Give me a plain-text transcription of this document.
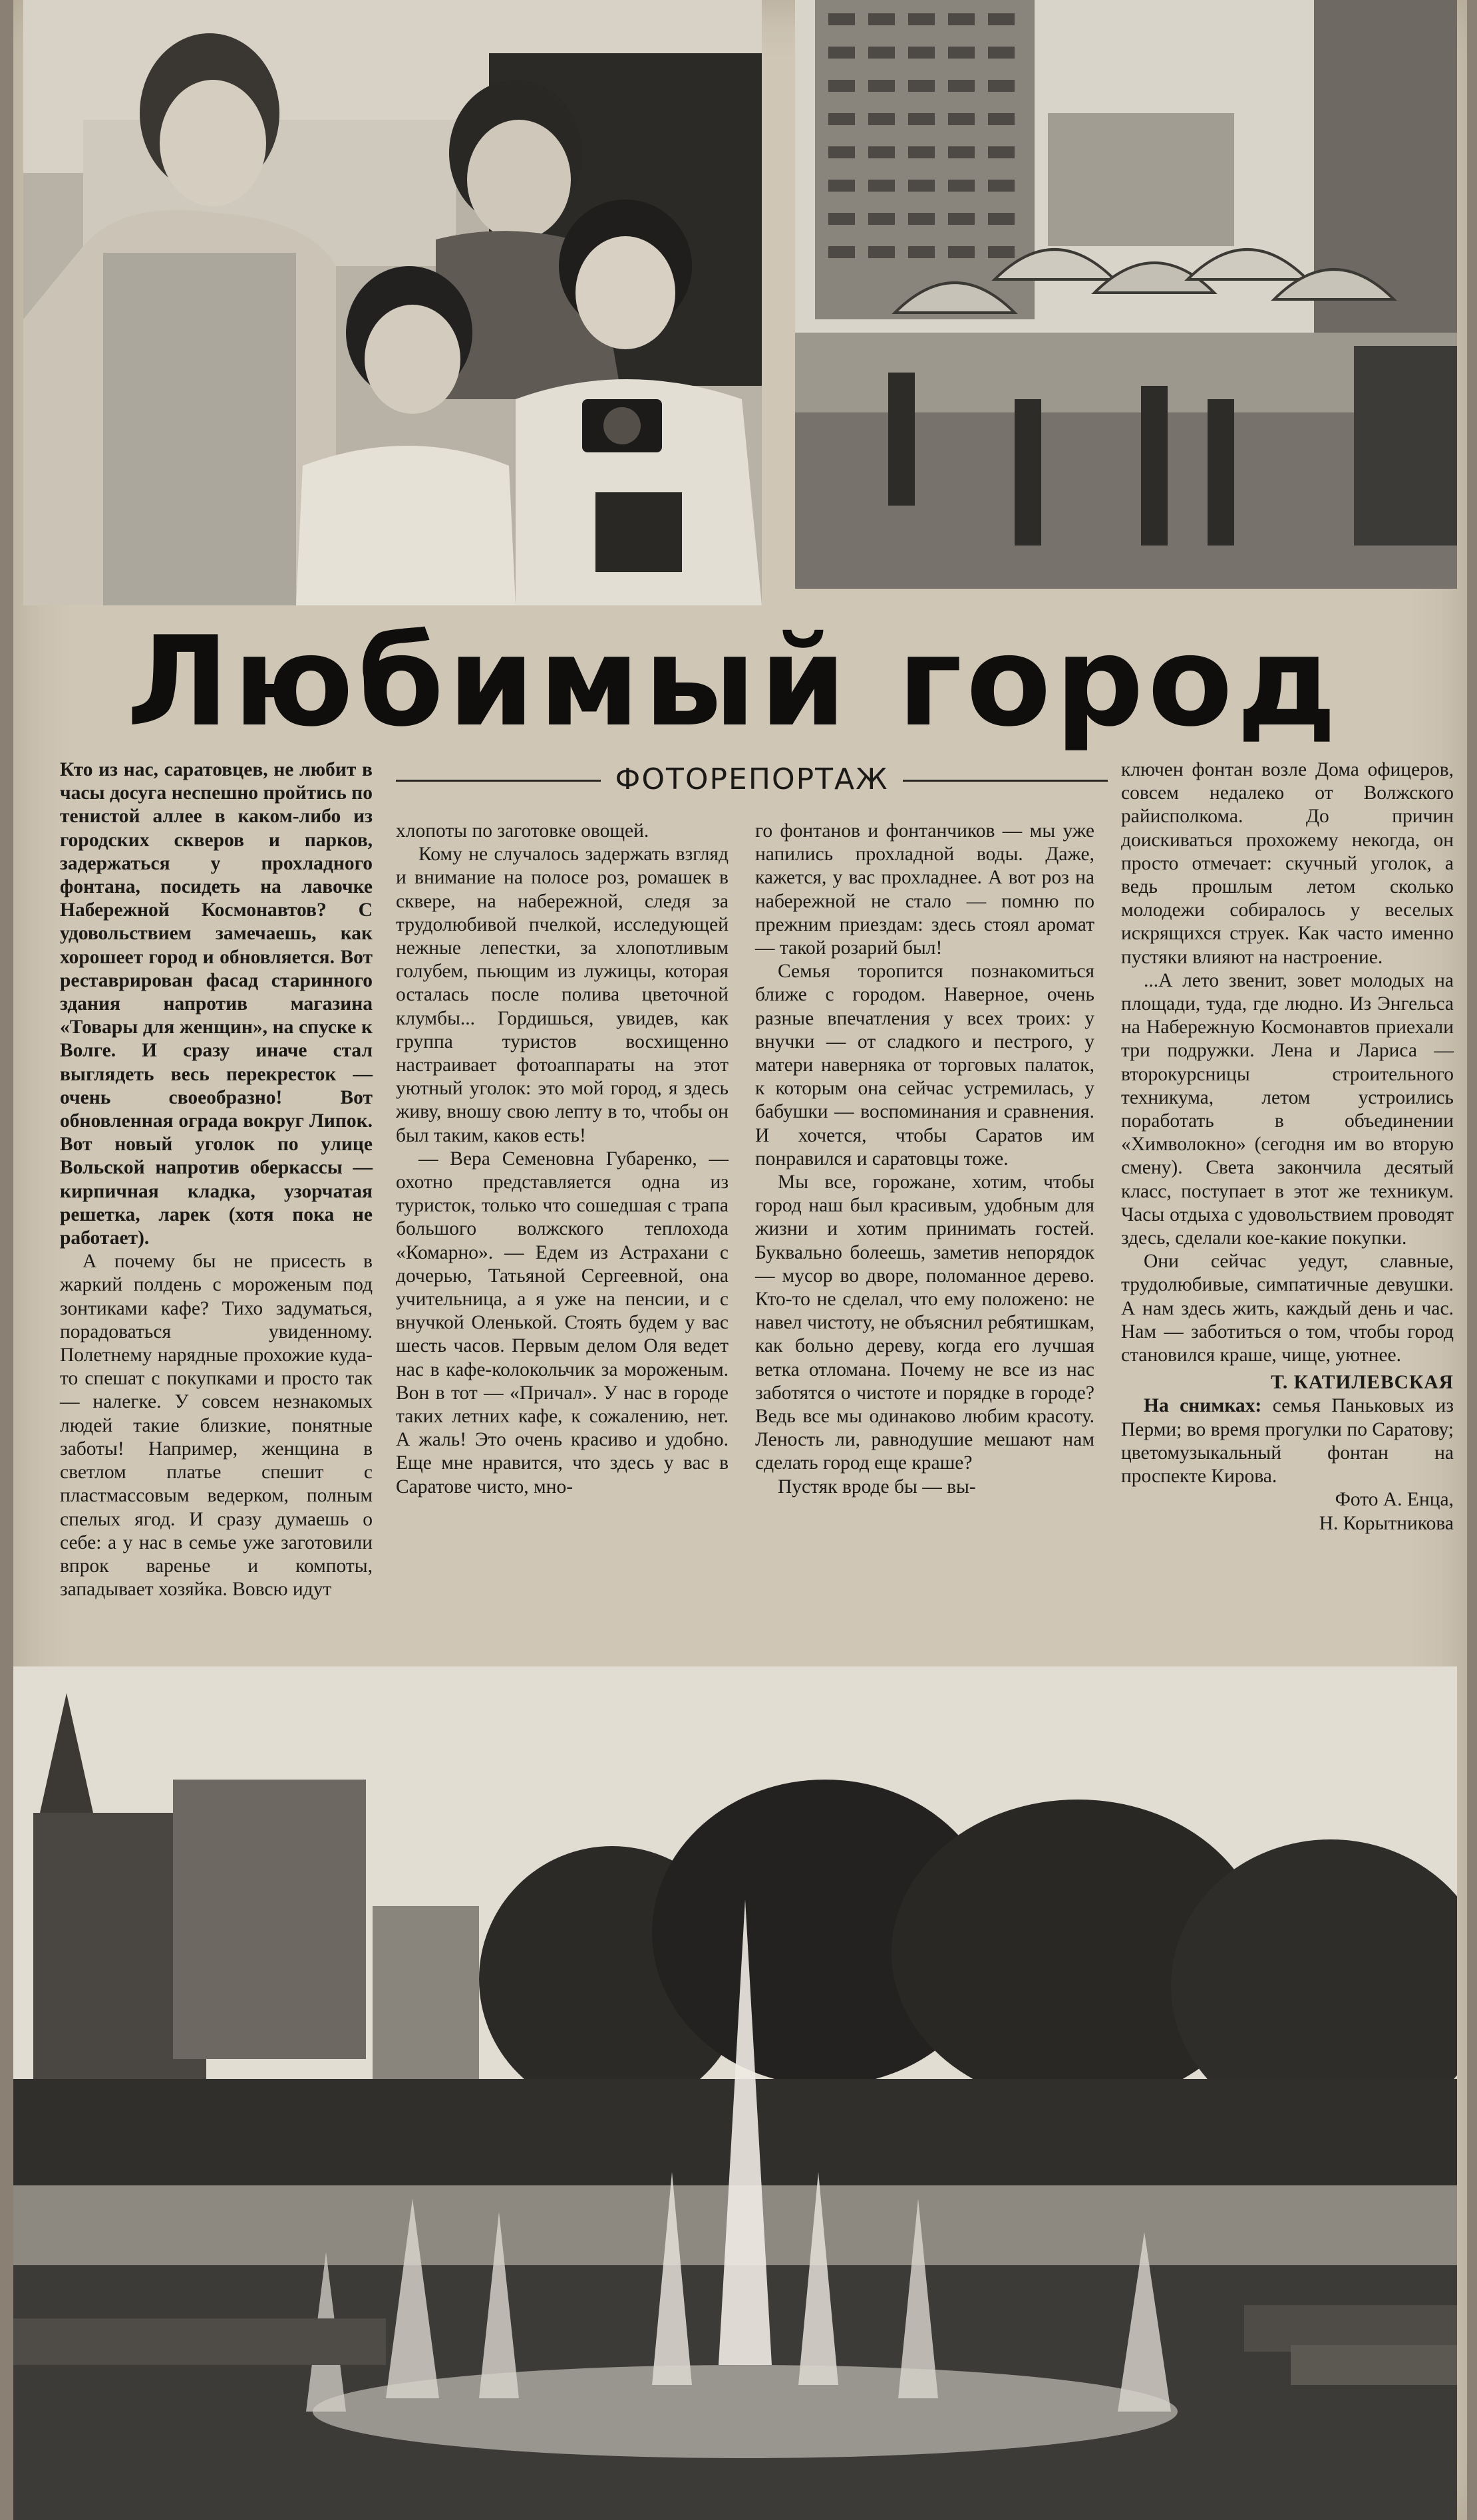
Любимый город
ФОТОРЕПОРТАЖ

Кто из нас, саратовцев, не любит в часы досуга неспешно пройтись по тенистой аллее в каком-либо из городских скверов и парков, задержаться у прохладного фонтана, посидеть на лавочке Набережной Космонавтов? С удовольствием замечаешь, как хорошеет город и обновляется. Вот реставрирован фасад старинного здания напротив магазина «Товары для женщин», на спуске к Волге. И сразу иначе стал выглядеть весь перекресток — очень своеобразно! Вот обновленная ограда вокруг Липок. Вот новый уголок по улице Вольской напротив оберкассы — кирпичная кладка, узорчатая решетка, ларек (хотя пока не работает).

А почему бы не присесть в жаркий полдень с мороженым под зонтиками кафе? Тихо задуматься, порадоваться увиденному. Полетнему нарядные прохожие куда-то спешат с покупками и просто так — налегке. У совсем незнакомых людей такие близкие, понятные заботы! Например, женщина в светлом платье спешит с пластмассовым ведерком, полным спелых ягод. И сразу думаешь о себе: а у нас в семье уже заготовили впрок варенье и компоты, западывает хозяйка. Вовсю идут

хлопоты по заготовке овощей.

Кому не случалось задержать взгляд и внимание на полосе роз, ромашек в сквере, на набережной, следя за трудолюбивой пчелкой, исследующей нежные лепестки, за хлопотливым голубем, пьющим из лужицы, которая осталась после полива цветочной клумбы... Гордишься, увидев, как группа туристов восхищенно настраивает фотоаппараты на этот уютный уголок: это мой город, я здесь живу, вношу свою лепту в то, чтобы он был таким, каков есть!

— Вера Семеновна Губаренко, — охотно представляется одна из туристок, только что сошедшая с трапа большого волжского теплохода «Комарно». — Едем из Астрахани с дочерью, Татьяной Сергеевной, она учительница, а я уже на пенсии, и с внучкой Оленькой. Стоять будем у вас шесть часов. Первым делом Оля ведет нас в кафе-колокольчик за мороженым. Вон в тот — «Причал». У нас в городе таких летних кафе, к сожалению, нет. А жаль! Это очень красиво и удобно. Еще мне нравится, что здесь у вас в Саратове чисто, мно-

го фонтанов и фонтанчиков — мы уже напились прохладной воды. Даже, кажется, у вас прохладнее. А вот роз на набережной не стало — помню по прежним приездам: здесь стоял аромат — такой розарий был!

Семья торопится познакомиться ближе с городом. Наверное, очень разные впечатления у всех троих: у внучки — от сладкого и пестрого, у матери наверняка от торговых палаток, к которым она сейчас устремилась, у бабушки — воспоминания и сравнения. И хочется, чтобы Саратов им понравился и саратовцы тоже.

Мы все, горожане, хотим, чтобы город наш был красивым, удобным для жизни и хотим принимать гостей. Буквально болеешь, заметив непорядок — мусор во дворе, поломанное дерево. Кто-то не сделал, что ему положено: не навел чистоту, не объяснил ребятишкам, как больно дереву, когда его лучшая ветка отломана. Почему не все из нас заботятся о чистоте и порядке в городе? Ведь все мы одинаково любим красоту. Леность ли, равнодушие мешают нам сделать город еще краше?

Пустяк вроде бы — вы-

ключен фонтан возле Дома офицеров, совсем недалеко от Волжского райисполкома. До причин доискиваться прохожему некогда, он просто отмечает: скучный уголок, а ведь прошлым летом сколько молодежи собиралось у веселых искрящихся струек. Как часто именно пустяки влияют на настроение.

...А лето звенит, зовет молодых на площади, туда, где людно. Из Энгельса на Набережную Космонавтов приехали три подружки. Лена и Лариса — второкурсницы строительного техникума, летом устроились поработать в объединении «Химволокно» (сегодня им во вторую смену). Света закончила десятый класс, поступает в этот же техникум. Часы отдыха с удовольствием проводят здесь, сделали кое-какие покупки.

Они сейчас уедут, славные, трудолюбивые, симпатичные девушки. А нам здесь жить, каждый день и час. Нам — заботиться о том, чтобы город становился краше, чище, уютнее.

Т. КАТИЛЕВСКАЯ

На снимках: семья Паньковых из Перми; во время прогулки по Саратову; цветомузыкальный фонтан на проспекте Кирова.

Фото А. Енца,

Н. Корытникова
